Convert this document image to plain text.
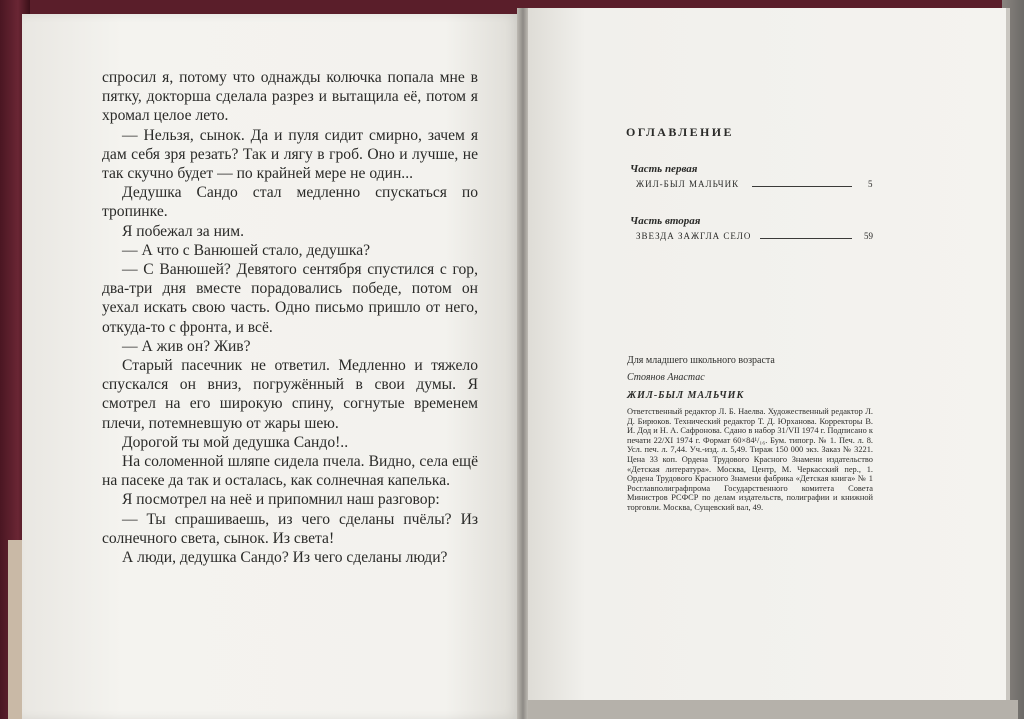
спросил я, потому что однажды колючка попала мне в пятку, докторша сделала разрез и вытащила её, потом я хромал целое лето.

— Нельзя, сынок. Да и пуля сидит смирно, зачем я дам себя зря резать? Так и лягу в гроб. Оно и лучше, не так скучно будет — по крайней мере не один...

Дедушка Сандо стал медленно спускаться по тропинке.

Я побежал за ним.

— А что с Ванюшей стало, дедушка?

— С Ванюшей? Девятого сентября спустился с гор, два-три дня вместе порадовались победе, потом он уехал искать свою часть. Одно письмо пришло от него, откуда-то с фронта, и всё.

— А жив он? Жив?

Старый пасечник не ответил. Медленно и тяжело спускался он вниз, погружённый в свои думы. Я смотрел на его широкую спину, согнутые временем плечи, потемневшую от жары шею.

Дорогой ты мой дедушка Сандо!..

На соломенной шляпе сидела пчела. Видно, села ещё на пасеке да так и осталась, как солнечная капелька.

Я посмотрел на неё и припомнил наш разговор:

— Ты спрашиваешь, из чего сделаны пчёлы? Из солнечного света, сынок. Из света!

А люди, дедушка Сандо? Из чего сделаны люди?

ОГЛАВЛЕНИЕ
Часть первая
ЖИЛ-БЫЛ МАЛЬЧИК	5
Часть вторая
ЗВЕЗДА ЗАЖГЛА СЕЛО	59
Для младшего школьного возраста
Стоянов Анастас
ЖИЛ-БЫЛ МАЛЬЧИК
Ответственный редактор Л. Б. Наелва. Художественный редактор Л. Д. Бирюков. Технический редактор Т. Д. Юрханова. Корректоры В. И. Дод и Н. А. Сафронова. Сдано в набор 31/VII 1974 г. Подписано к печати 22/XI 1974 г. Формат 60×84¹/₁₆. Бум. типогр. № 1. Печ. л. 8. Усл. печ. л. 7,44. Уч.-изд. л. 5,49. Тираж 150 000 экз. Заказ № 3221. Цена 33 коп. Ордена Трудового Красного Знамени издательство «Детская литература». Москва, Центр, М. Черкасский пер., 1. Ордена Трудового Красного Знамени фабрика «Детская книга» № 1 Росглавполиграфпрома Государственного комитета Совета Министров РСФСР по делам издательств, полиграфии и книжной торговли. Москва, Сущевский вал, 49.
